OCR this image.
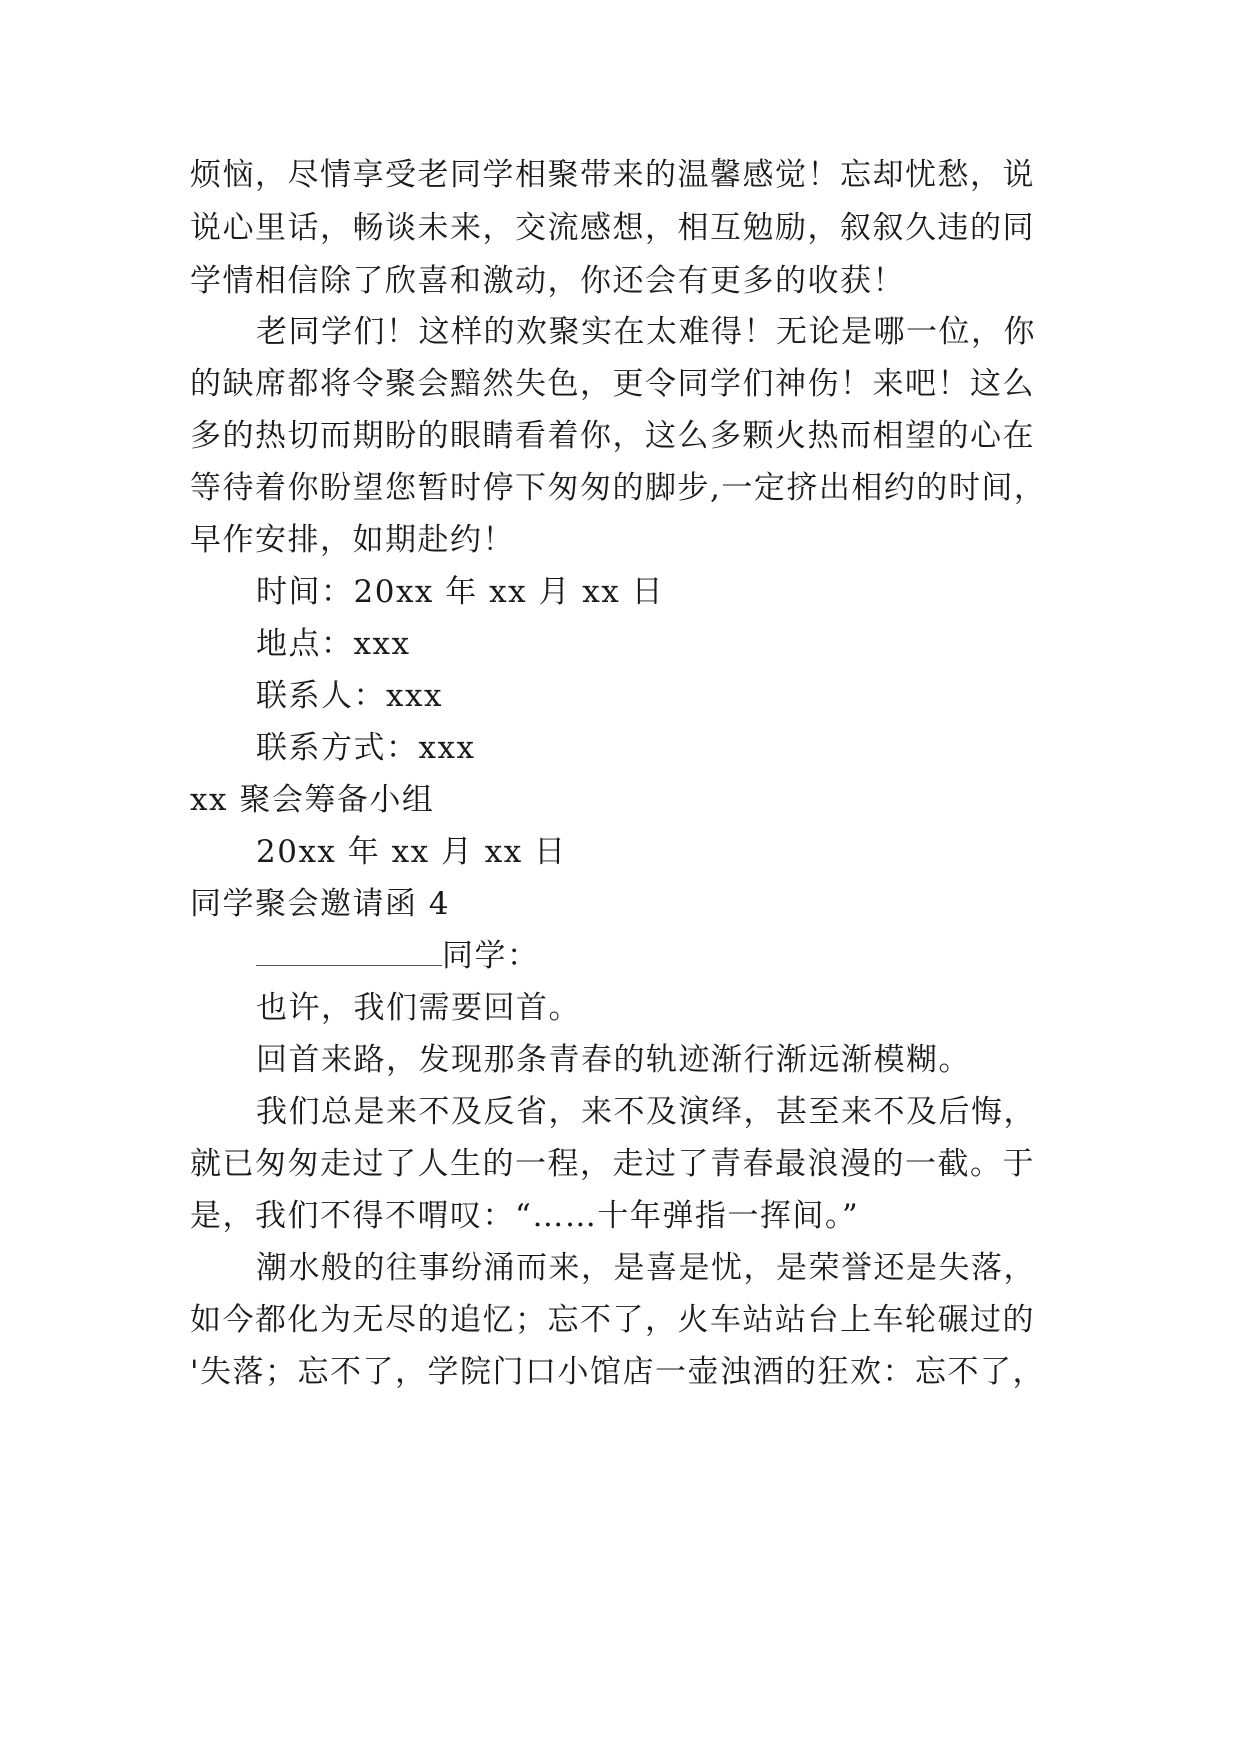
烦恼，尽情享受老同学相聚带来的温馨感觉！忘却忧愁，说
说心里话，畅谈未来，交流感想，相互勉励，叙叙久违的同
学情相信除了欣喜和激动，你还会有更多的收获！
老同学们！这样的欢聚实在太难得！无论是哪一位，你
的缺席都将令聚会黯然失色，更令同学们神伤！来吧！这么
多的热切而期盼的眼睛看着你，这么多颗火热而相望的心在
等待着你盼望您暂时停下匆匆的脚步,一定挤出相约的时间，
早作安排，如期赴约！
时间：20xx 年 xx 月 xx 日
地点：xxx
联系人：xxx
联系方式：xxx
xx 聚会筹备小组
20xx 年 xx 月 xx 日
同学聚会邀请函 4
同学：
也许，我们需要回首。
回首来路，发现那条青春的轨迹渐行渐远渐模糊。
我们总是来不及反省，来不及演绎，甚至来不及后悔，
就已匆匆走过了人生的一程，走过了青春最浪漫的一截。于
是，我们不得不喟叹：“……十年弹指一挥间。”
潮水般的往事纷涌而来，是喜是忧，是荣誉还是失落，
如今都化为无尽的追忆；忘不了，火车站站台上车轮碾过的
'失落；忘不了，学院门口小馆店一壶浊酒的狂欢：忘不了，
